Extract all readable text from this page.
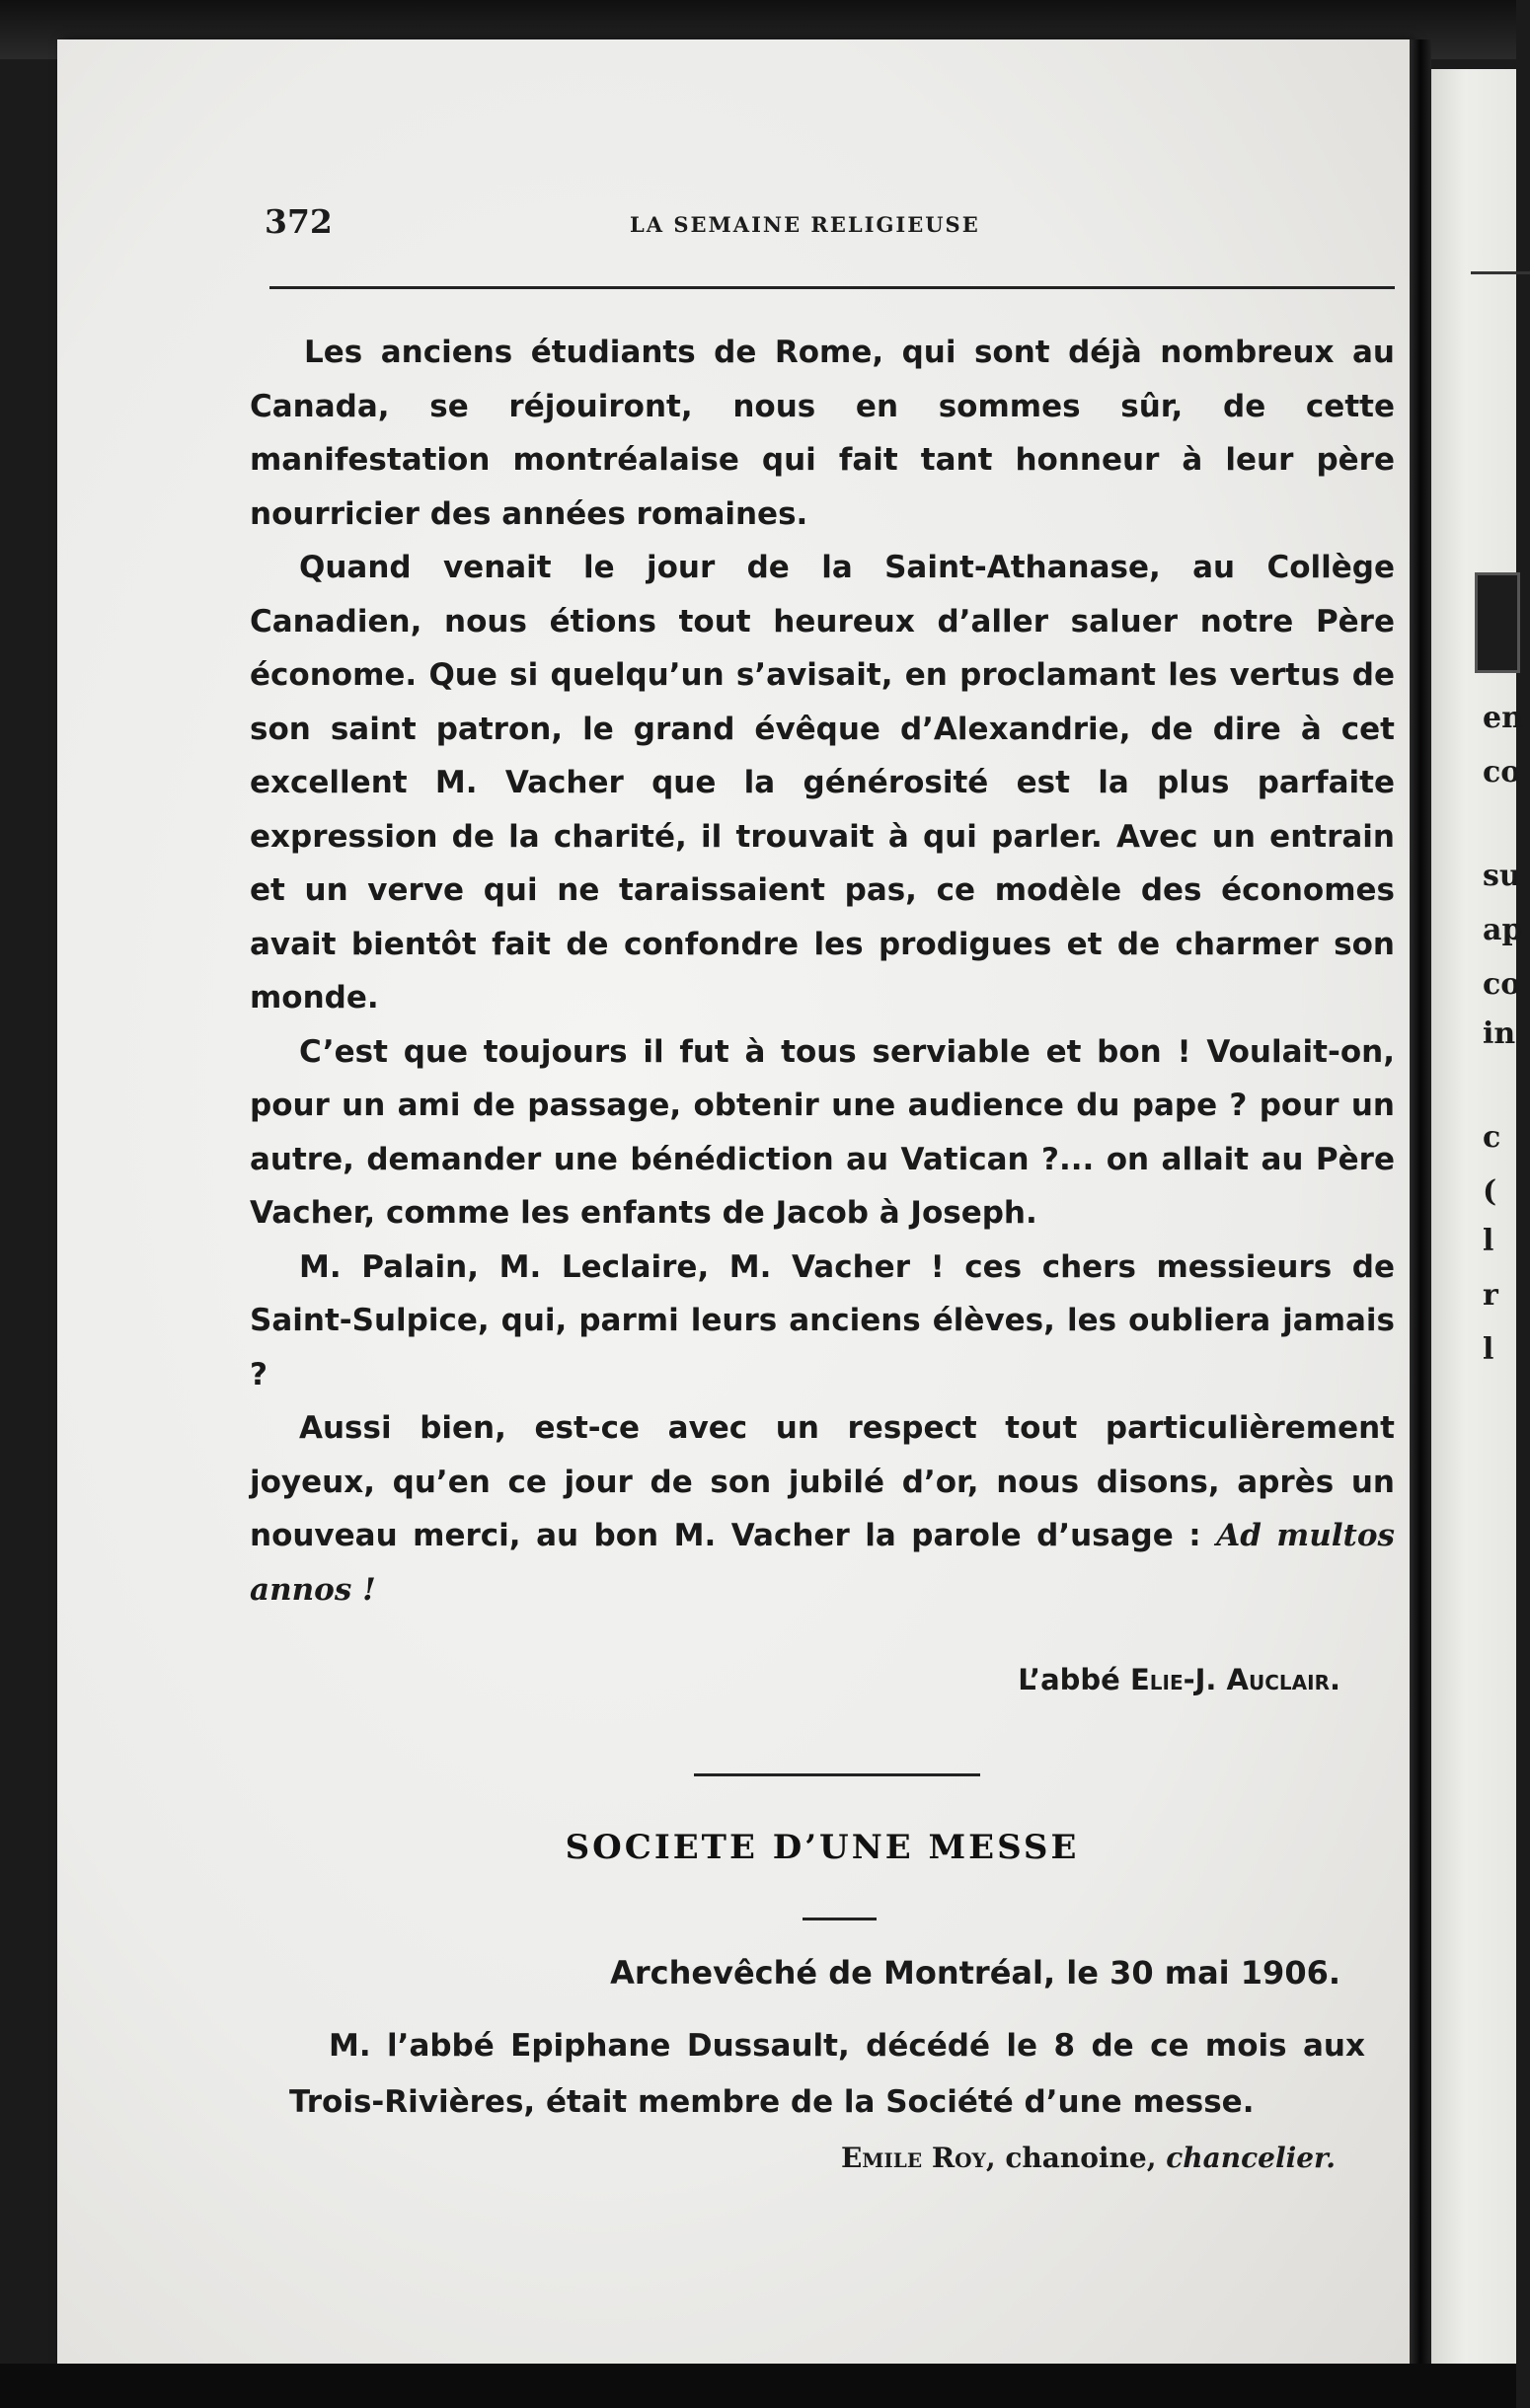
372	LA SEMAINE RELIGIEUSE

Les anciens étudiants de Rome, qui sont déjà nombreux au Canada, se réjouiront, nous en sommes sûr, de cette manifestation montréalaise qui fait tant honneur à leur père nourricier des années romaines.

Quand venait le jour de la Saint-Athanase, au Collège Canadien, nous étions tout heureux d’aller saluer notre Père économe. Que si quelqu’un s’avisait, en proclamant les vertus de son saint patron, le grand évêque d’Alexandrie, de dire à cet excellent M. Vacher que la générosité est la plus parfaite expression de la charité, il trouvait à qui parler. Avec un entrain et un verve qui ne taraissaient pas, ce modèle des économes avait bientôt fait de confondre les prodigues et de charmer son monde.

C’est que toujours il fut à tous serviable et bon ! Voulait-on, pour un ami de passage, obtenir une audience du pape ? pour un autre, demander une bénédiction au Vatican ?... on allait au Père Vacher, comme les enfants de Jacob à Joseph.

M. Palain, M. Leclaire, M. Vacher ! ces chers messieurs de Saint-Sulpice, qui, parmi leurs anciens élèves, les oubliera jamais ?

Aussi bien, est-ce avec un respect tout particulièrement joyeux, qu’en ce jour de son jubilé d’or, nous disons, après un nouveau merci, au bon M. Vacher la parole d’usage : Ad multos annos !

L’abbé Elie-J. Auclair.
SOCIETE D’UNE MESSE
Archevêché de Montréal, le 30 mai 1906.

M. l’abbé Epiphane Dussault, décédé le 8 de ce mois aux Trois-Rivières, était membre de la Société d’une messe.

Emile Roy, chanoine, chancelier.
en
co
su
ap
co
in
c
(
l
r
l
